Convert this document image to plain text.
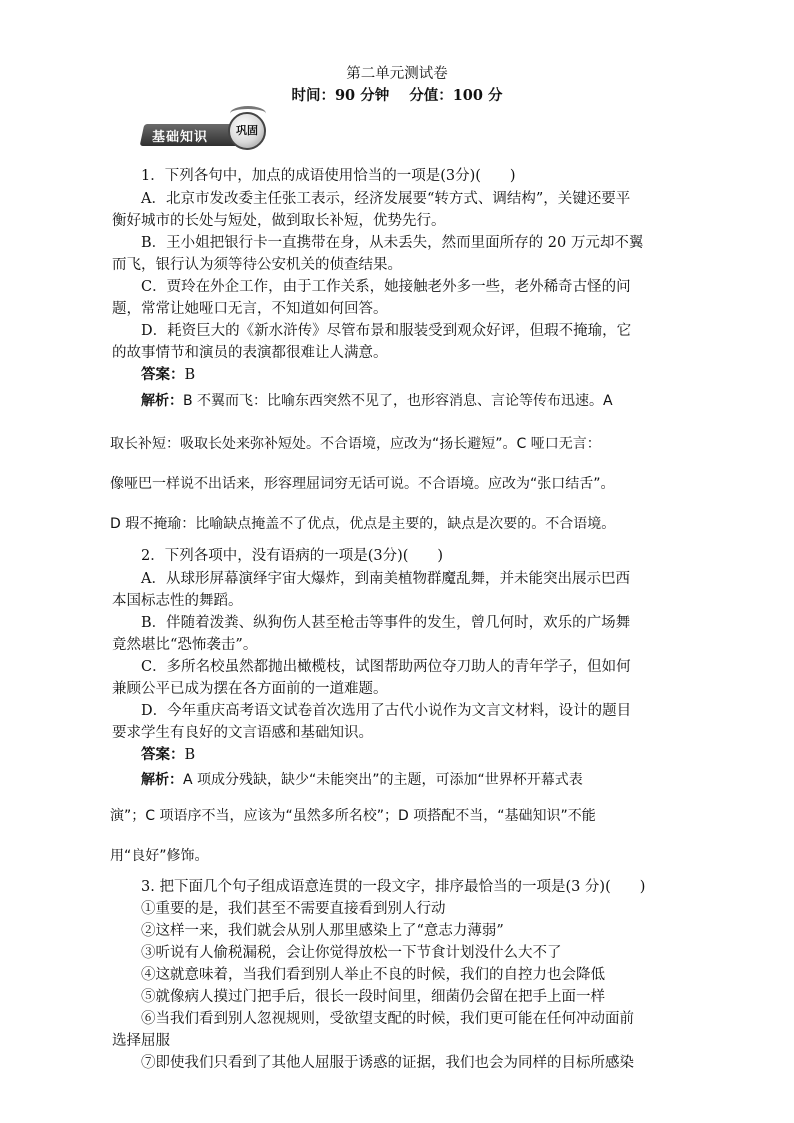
第二单元测试卷
时间：90 分钟 分值：100 分
基础知识	巩固
1．下列各句中，加点的成语使用恰当的一项是(3分)(　　)
A．北京市发改委主任张工表示，经济发展要“转方式、调结构”，关键还要平
衡好城市的长处与短处，做到取长补短，优势先行。
B．王小姐把银行卡一直携带在身，从未丢失，然而里面所存的 20 万元却不翼
而飞，银行认为须等待公安机关的侦查结果。
C．贾玲在外企工作，由于工作关系，她接触老外多一些，老外稀奇古怪的问
题，常常让她哑口无言，不知道如何回答。
D．耗资巨大的《新水浒传》尽管布景和服装受到观众好评，但瑕不掩瑜，它
的故事情节和演员的表演都很难让人满意。
答案：B
解析：B 不翼而飞：比喻东西突然不见了，也形容消息、言论等传布迅速。A
取长补短：吸取长处来弥补短处。不合语境，应改为“扬长避短”。C 哑口无言：
像哑巴一样说不出话来，形容理屈词穷无话可说。不合语境。应改为“张口结舌”。
D 瑕不掩瑜：比喻缺点掩盖不了优点，优点是主要的，缺点是次要的。不合语境。
2．下列各项中，没有语病的一项是(3分)(　　)
A．从球形屏幕演绎宇宙大爆炸，到南美植物群魔乱舞，并未能突出展示巴西
本国标志性的舞蹈。
B．伴随着泼粪、纵狗伤人甚至枪击等事件的发生，曾几何时，欢乐的广场舞
竟然堪比“恐怖袭击”。
C．多所名校虽然都抛出橄榄枝，试图帮助两位夺刀助人的青年学子，但如何
兼顾公平已成为摆在各方面前的一道难题。
D．今年重庆高考语文试卷首次选用了古代小说作为文言文材料，设计的题目
要求学生有良好的文言语感和基础知识。
答案：B
解析：A 项成分残缺，缺少“未能突出”的主题，可添加“世界杯开幕式表
演”；C 项语序不当，应该为“虽然多所名校”；D 项搭配不当，“基础知识”不能
用“良好”修饰。
3. 把下面几个句子组成语意连贯的一段文字，排序最恰当的一项是(3 分)(　　)
①重要的是，我们甚至不需要直接看到别人行动
②这样一来，我们就会从别人那里感染上了“意志力薄弱”
③听说有人偷税漏税，会让你觉得放松一下节食计划没什么大不了
④这就意味着，当我们看到别人举止不良的时候，我们的自控力也会降低
⑤就像病人摸过门把手后，很长一段时间里，细菌仍会留在把手上面一样
⑥当我们看到别人忽视规则，受欲望支配的时候，我们更可能在任何冲动面前
选择屈服
⑦即使我们只看到了其他人屈服于诱惑的证据，我们也会为同样的目标所感染
